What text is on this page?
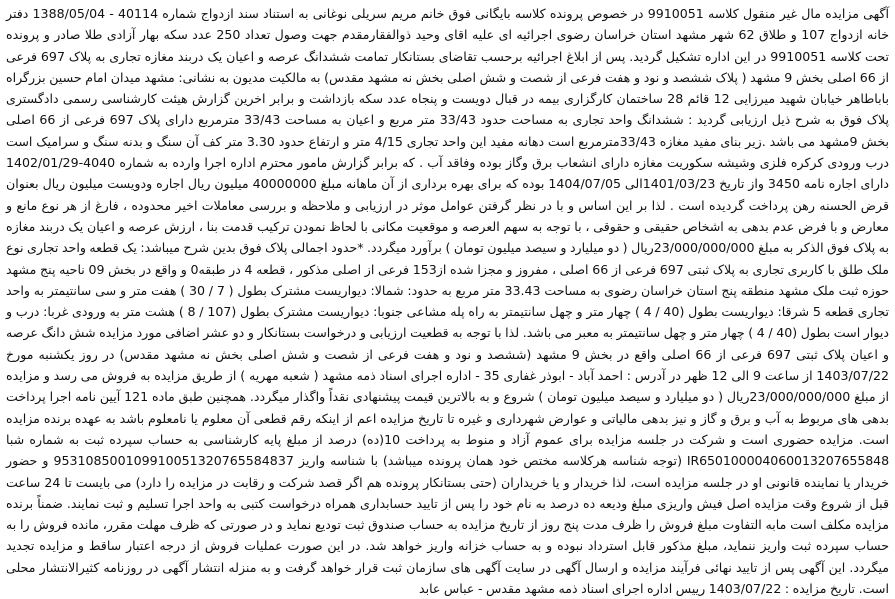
آگهی مزایده مال غیر منقول کلاسه 9910051 در خصوص پرونده کلاسه بایگانی فوق خانم مریم سریلی نوغانی به استناد سند ازدواج شماره 40114 - 1388/05/04 دفتر خانه ازدواج 107 و طلاق 62 شهر مشهد استان خراسان رضوی اجرائیه ای علیه اقای وحید ذوالفقارمقدم جهت وصول تعداد 250 عدد سکه بهار آزادی طلا صادر و پرونده تحت کلاسه 9910051 در این اداره تشکیل گردید. پس از ابلاغ اجرائیه برحسب تقاضای بستانکار تمامت ششدانگ عرصه و اعیان یک دربند مغازه تجاری به پلاک 697 فرعی از 66 اصلی بخش 9 مشهد ( پلاک ششصد و نود و هفت فرعی از شصت و شش اصلی بخش نه مشهد مقدس) به مالکیت مدیون به نشانی: مشهد میدان امام حسین بزرگراه باباطاهر خیابان شهید میرزایی 12 قائم 28 ساختمان کارگزاری بیمه در قبال دویست و پنجاه عدد سکه بازداشت و برابر اخرین گزارش هیئت کارشناسی رسمی دادگستری پلاک فوق به شرح ذیل ارزیابی گردید : ششدانگ واحد تجاری به مساحت حدود 33/43 متر مربع و اعیان به مساحت 33/43 مترمربع دارای پلاک 697 فرعی از 66 اصلی بخش 9مشهد می باشد .زیر بنای مفید مغازه 33/43مترمربع است دهانه مفید این واحد تجاری 4/15 متر و ارتفاع حدود 3.30 متر کف آن سنگ و بدنه سنگ و سرامیک است درب ورودی کرکره فلزی وشیشه سکوریت مغازه دارای انشعاب برق وگاز بوده وفاقد آب . که برابر گزارش مامور محترم اداره اجرا وارده به شماره 4040-1402/01/29 دارای اجاره نامه 3450 واز تاریخ 1401/03/23الی 1404/07/05 بوده که برای بهره برداری از آن ماهانه مبلغ 40000000 میلیون ریال اجاره ودویست میلیون ریال بعنوان قرض الحسنه رهن پرداخت گردیده است . لذا بر این اساس و با در نظر گرفتن عوامل موثر در ارزیابی و ملاحظه و بررسی معاملات اخیر محدوده ، فارغ از هر نوع مانع و معارض و با فرض عدم بدهی به اشخاص حقیقی و حقوقی ، با توجه به سهم العرصه و موقعیت مکانی با لحاظ نمودن ترکیب قدمت بنا ، ارزش عرصه و اعیان یک دربند مغازه به پلاک فوق الذکر به مبلغ 23/000/000/000ریال ( دو میلیارد و سیصد میلیون تومان ) برآورد میگردد. *حدود اجمالی پلاک فوق بدین شرح میباشد: یک قطعه واحد تجاری نوع ملک طلق با کاربری تجاری به پلاک ثبتی 697 فرعی از 66 اصلی ، مفروز و مجزا شده از153 فرعی از اصلی مذکور ، قطعه 4 در طبقه0 و واقع در بخش 09 ناحیه پنج مشهد حوزه ثبت ملک مشهد منطقه پنج استان خراسان رضوی به مساحت 33.43 متر مربع به حدود: شمالا: دیواریست مشترک بطول ( 7 / 30 ) هفت متر و سی سانتیمتر به واحد تجاری قطعه 5 شرقا: دیواریست بطول (40 / 4 ) چهار متر و چهل سانتیمتر به راه پله مشاعی جنوبا: دیواریست مشترک بطول (107 / 8 ) هشت متر به ورودی غربا: درب و دیوار است بطول (40 / 4 ) چهار متر و چهل سانتیمتر به معبر می باشد. لذا با توجه به قطعیت ارزیابی و درخواست بستانکار و دو عشر اضافی مورد مزایده شش دانگ عرصه و اعیان پلاک ثبتی 697 فرعی از 66 اصلی واقع در بخش 9 مشهد (ششصد و نود و هفت فرعی از شصت و شش اصلی بخش نه مشهد مقدس) در روز یکشنبه مورخ 1403/07/22 از ساعت 9 الی 12 ظهر در آدرس : احمد آباد - ابوذر غفاری 35 - اداره اجرای اسناد ذمه مشهد ( شعبه مهریه ) از طریق مزایده به فروش می رسد و مزایده از مبلغ 23/000/000/000ریال ( دو میلیارد و سیصد میلیون تومان ) شروع و به بالاترین قیمت پیشنهادی نقداً واگذار میگردد. همچنین طبق ماده 121 آیین نامه اجرا پرداخت بدهی های مربوط به آب و برق و گاز و نیز بدهی مالیاتی و عوارض شهرداری و غیره تا تاریخ مزایده اعم از اینکه رقم قطعی آن معلوم یا نامعلوم باشد به عهده برنده مزایده است. مزایده حضوری است و شرکت در جلسه مزایده برای عموم آزاد و منوط به پرداخت 10(ده) درصد از مبلغ پایه کارشناسی به حساب سپرده ثبت به شماره شبا IR650100004060013207655848 (توجه شناسه هرکلاسه مختص خود همان پرونده میباشد) با شناسه واریز 953108500109910051320765584837 و حضور خریدار یا نماینده قانونی او در جلسه مزایده است، لذا خریدار و یا خریداران (حتی بستانکار پرونده هم اگر قصد شرکت و رقابت در مزایده را دارد) می بایست تا 24 ساعت قبل از شروع وقت مزایده اصل فیش واریزی مبلغ ودیعه ده درصد به نام خود را پس از تایید حسابداری همراه درخواست کتبی به واحد اجرا تسلیم و ثبت نمایند. ضمناً برنده مزایده مکلف است مابه التفاوت مبلغ فروش را ظرف مدت پنج روز از تاریخ مزایده به حساب صندوق ثبت تودیع نماید و در صورتی که ظرف مهلت مقرر، مانده فروش را به حساب سپرده ثبت واریز ننماید، مبلغ مذکور قابل استرداد نبوده و به حساب خزانه واریز خواهد شد. در این صورت عملیات فروش از درجه اعتبار ساقط و مزایده تجدید میگردد. این آگهی پس از تایید نهائی فرآیند مزایده و ارسال آگهی در سایت آگهی های سازمان ثبت قرار خواهد گرفت و به منزله انتشار آگهی در روزنامه کثیرالانتشار محلی است. تاریخ مزایده : 1403/07/22 رییس اداره اجرای اسناد ذمه مشهد مقدس - عباس عابد
